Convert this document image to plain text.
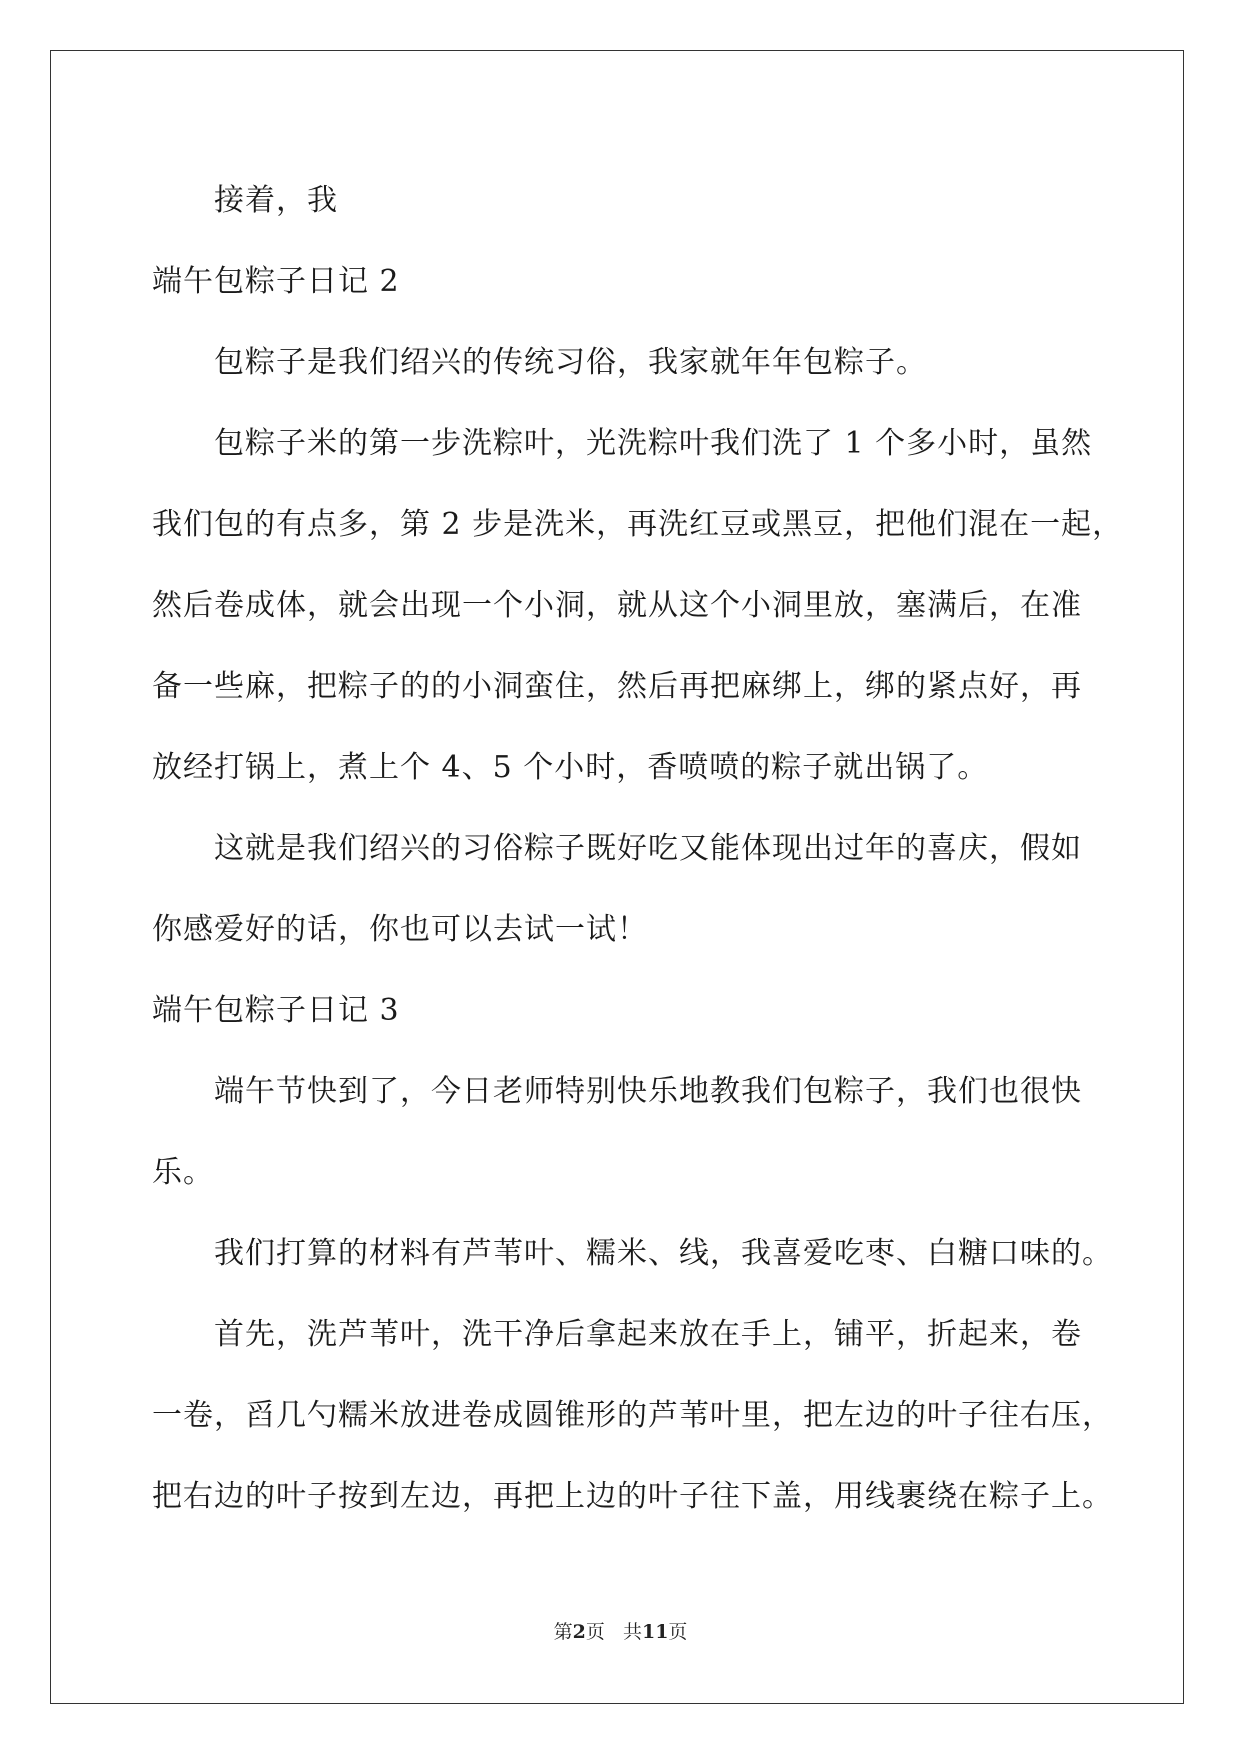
接着，我
端午包粽子日记 2
包粽子是我们绍兴的传统习俗，我家就年年包粽子。
包粽子米的第一步洗粽叶，光洗粽叶我们洗了 1 个多小时，虽然
我们包的有点多，第 2 步是洗米，再洗红豆或黑豆，把他们混在一起，
然后卷成体，就会出现一个小洞，就从这个小洞里放，塞满后，在准
备一些麻，把粽子的的小洞蛮住，然后再把麻绑上，绑的紧点好，再
放经打锅上，煮上个 4、5 个小时，香喷喷的粽子就出锅了。
这就是我们绍兴的习俗粽子既好吃又能体现出过年的喜庆，假如
你感爱好的话，你也可以去试一试！
端午包粽子日记 3
端午节快到了，今日老师特别快乐地教我们包粽子，我们也很快
乐。
我们打算的材料有芦苇叶、糯米、线，我喜爱吃枣、白糖口味的。
首先，洗芦苇叶，洗干净后拿起来放在手上，铺平，折起来，卷
一卷，舀几勺糯米放进卷成圆锥形的芦苇叶里，把左边的叶子往右压，
把右边的叶子按到左边，再把上边的叶子往下盖，用线裹绕在粽子上。
第2页 共11页
